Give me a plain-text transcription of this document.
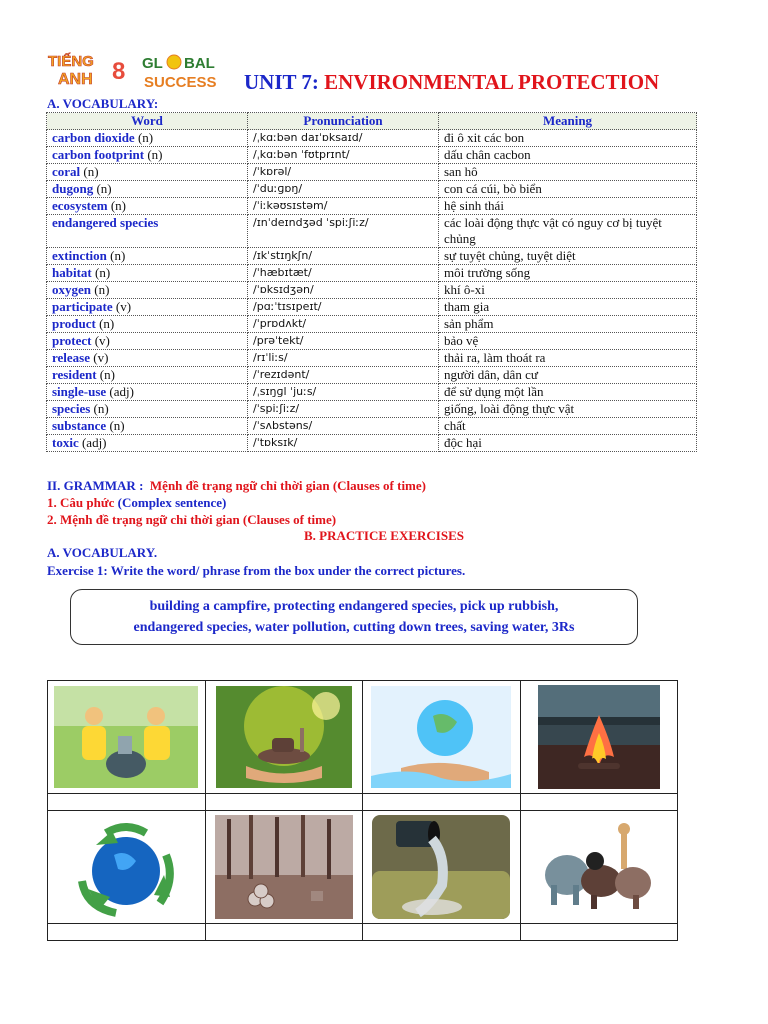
TIẾNG
ANH 8 GL BAL
SUCCESS UNIT 7: ENVIRONMENTAL PROTECTION
A. VOCABULARY:
Word	Pronunciation	Meaning
carbon dioxide (n)	/ˌkɑːbən daɪˈɒksaɪd/	đi ô xit các bon
carbon footprint (n)	/ˌkɑːbən ˈfʊtprɪnt/	dấu chân cacbon
coral (n)	/ˈkɒrəl/	san hô
dugong (n)	/ˈduːɡɒŋ/	con cá cúi, bò biển
ecosystem (n)	/ˈiːkəʊsɪstəm/	hệ sinh thái
endangered species	/ɪnˈdeɪndʒəd ˈspiːʃiːz/	các loài động thực vật có nguy cơ bị tuyệt chủng
extinction (n)	/ɪkˈstɪŋkʃn/	sự tuyệt chủng, tuyệt diệt
habitat (n)	/ˈhæbɪtæt/	môi trường sống
oxygen (n)	/ˈɒksɪdʒən/	khí ô-xi
participate (v)	/pɑːˈtɪsɪpeɪt/	tham gia
product (n)	/ˈprɒdʌkt/	sản phẩm
protect (v)	/prəˈtekt/	bảo vệ
release (v)	/rɪˈliːs/	thải ra, làm thoát ra
resident (n)	/ˈrezɪdənt/	người dân, dân cư
single-use (adj)	/ˌsɪŋɡl ˈjuːs/	để sử dụng một lần
species (n)	/ˈspiːʃiːz/	giống, loài động thực vật
substance (n)	/ˈsʌbstəns/	chất
toxic (adj)	/ˈtɒksɪk/	độc hại
II. GRAMMAR : Mệnh đề trạng ngữ chỉ thời gian (Clauses of time)
1. Câu phức (Complex sentence)
2. Mệnh đề trạng ngữ chỉ thời gian (Clauses of time)
B. PRACTICE EXERCISES
A. VOCABULARY.
Exercise 1: Write the word/ phrase from the box under the correct pictures.
building a campfire, protecting endangered species, pick up rubbish,
endangered species, water pollution, cutting down trees, saving water, 3Rs
